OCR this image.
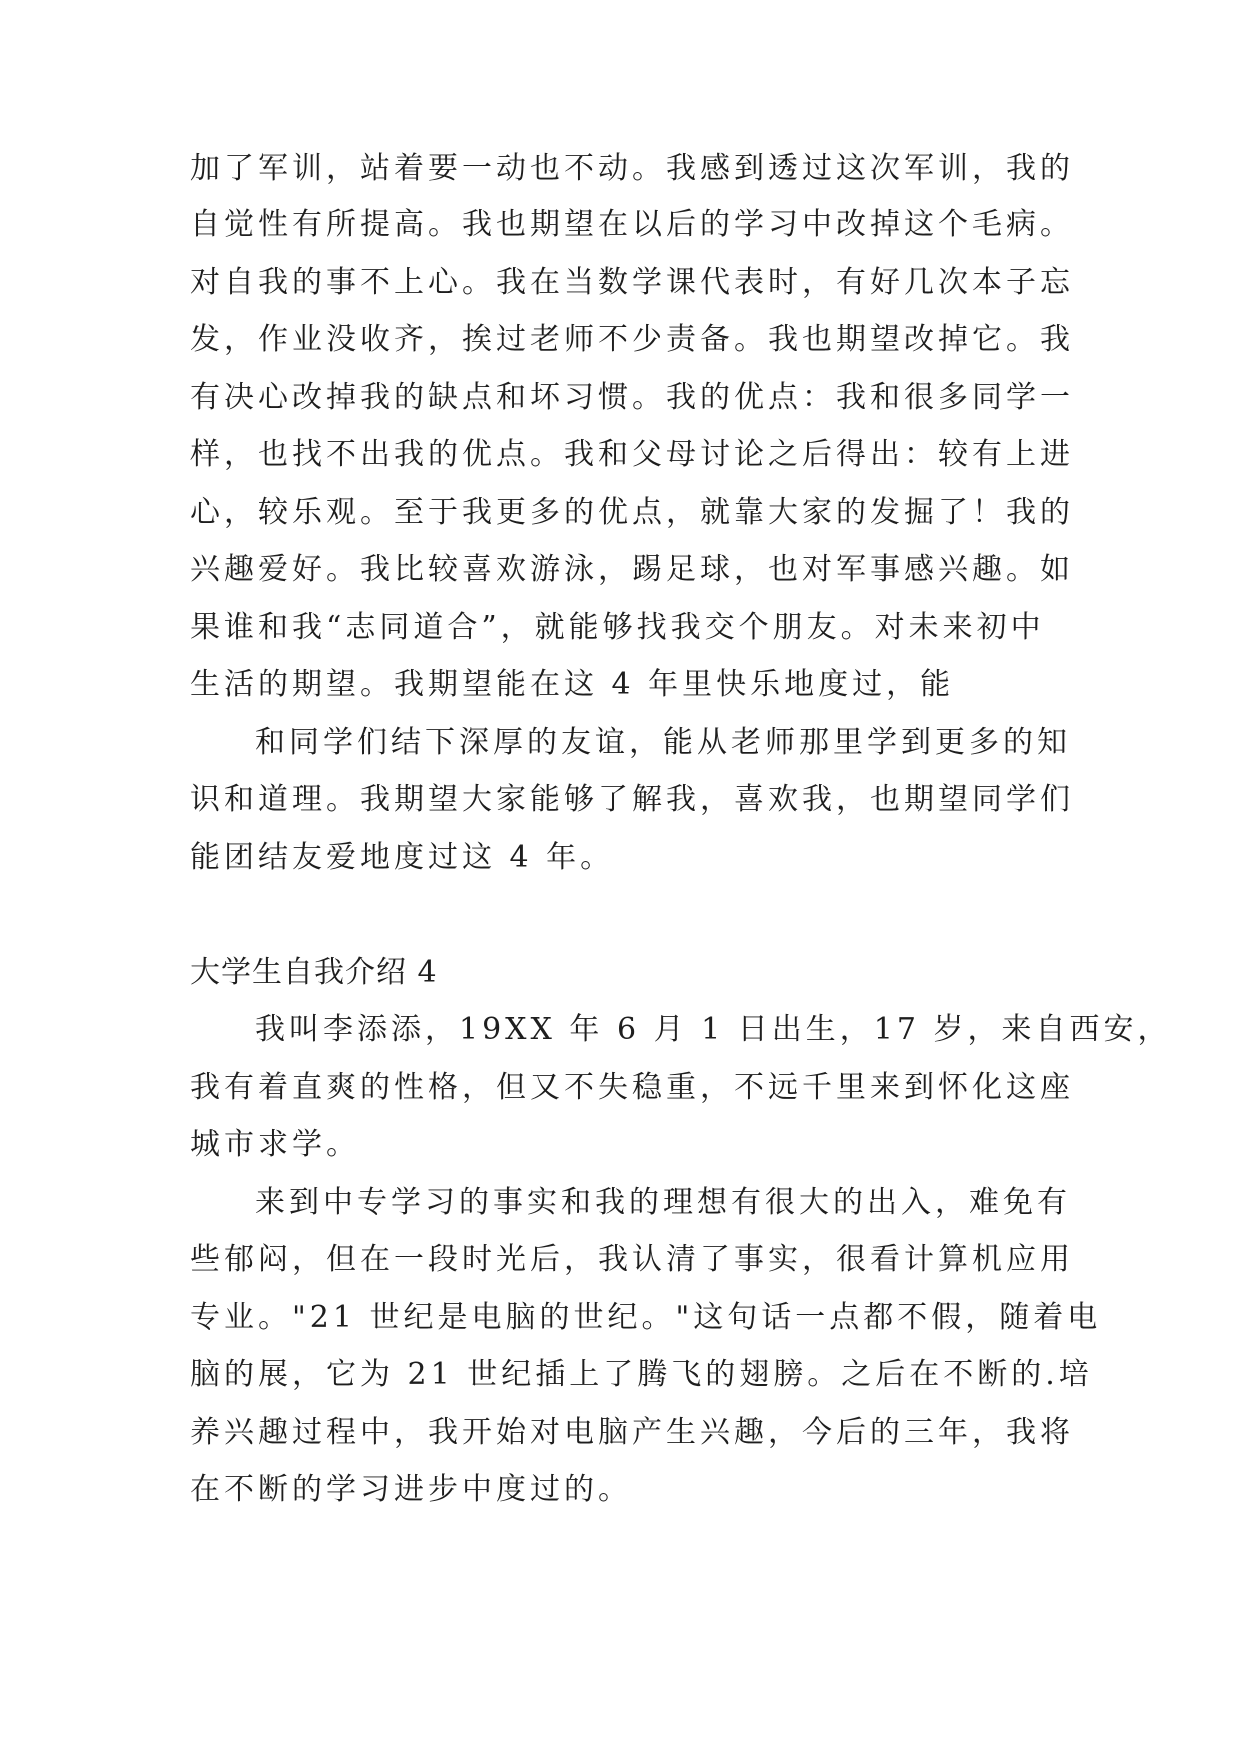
加了军训，站着要一动也不动。我感到透过这次军训，我的
自觉性有所提高。我也期望在以后的学习中改掉这个毛病。
对自我的事不上心。我在当数学课代表时，有好几次本子忘
发，作业没收齐，挨过老师不少责备。我也期望改掉它。我
有决心改掉我的缺点和坏习惯。我的优点：我和很多同学一
样，也找不出我的优点。我和父母讨论之后得出：较有上进
心，较乐观。至于我更多的优点，就靠大家的发掘了！我的
兴趣爱好。我比较喜欢游泳，踢足球，也对军事感兴趣。如
果谁和我“志同道合”，就能够找我交个朋友。对未来初中
生活的期望。我期望能在这 4 年里快乐地度过，能
和同学们结下深厚的友谊，能从老师那里学到更多的知
识和道理。我期望大家能够了解我，喜欢我，也期望同学们
能团结友爱地度过这 4 年。
大学生自我介绍 4
我叫李添添，19XX 年 6 月 1 日出生，17 岁，来自西安，
我有着直爽的性格，但又不失稳重，不远千里来到怀化这座
城市求学。
来到中专学习的事实和我的理想有很大的出入，难免有
些郁闷，但在一段时光后，我认清了事实，很看计算机应用
专业。"21 世纪是电脑的世纪。"这句话一点都不假，随着电
脑的展，它为 21 世纪插上了腾飞的翅膀。之后在不断的.培
养兴趣过程中，我开始对电脑产生兴趣，今后的三年，我将
在不断的学习进步中度过的。
